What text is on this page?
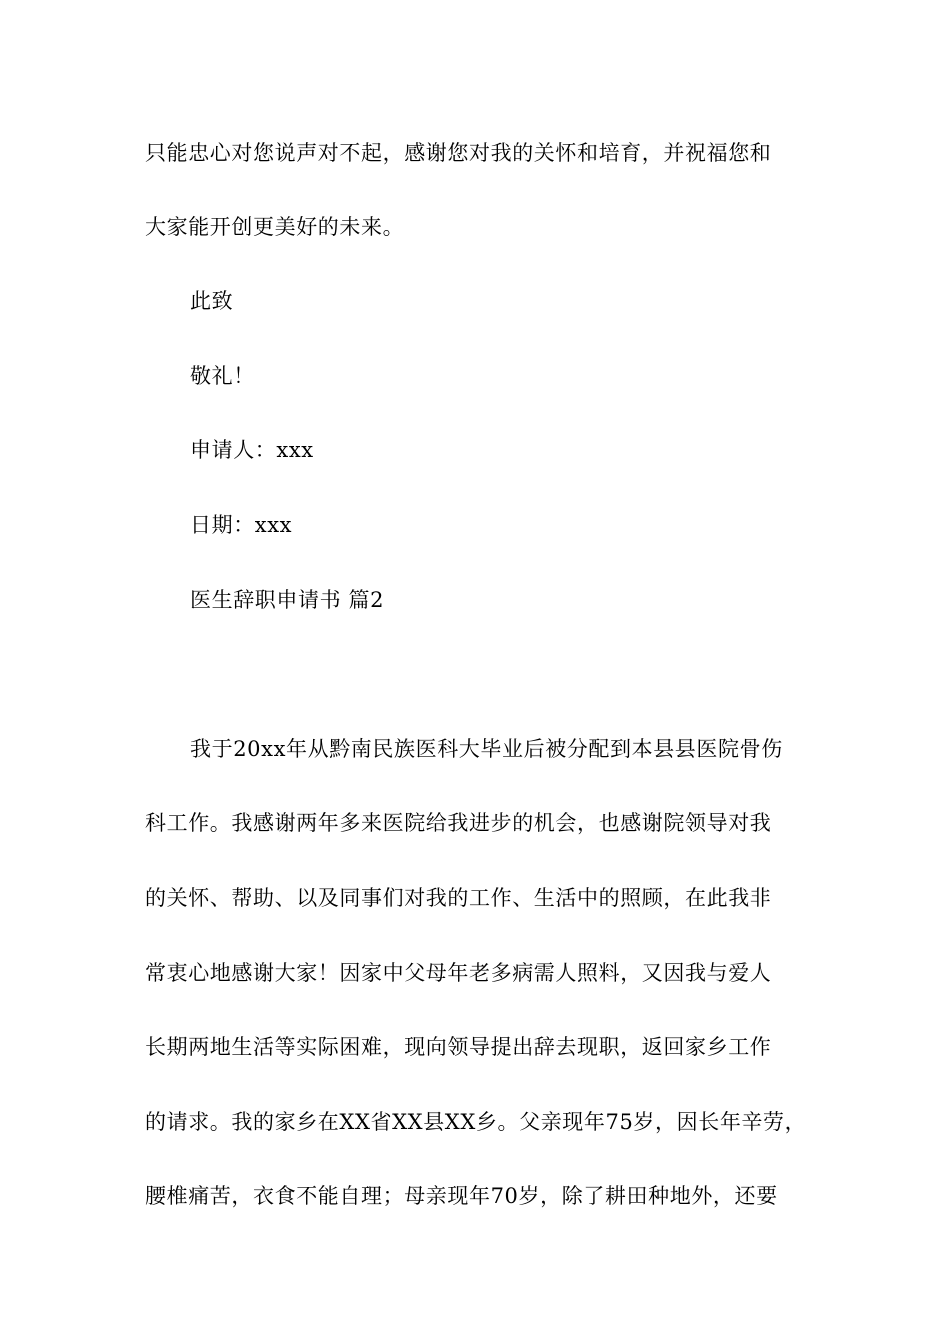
只能忠心对您说声对不起，感谢您对我的关怀和培育，并祝福您和
大家能开创更美好的未来。
此致
敬礼！
申请人：xxx
日期：xxx
医生辞职申请书 篇2
我于20xx年从黔南民族医科大毕业后被分配到本县县医院骨伤
科工作。我感谢两年多来医院给我进步的机会，也感谢院领导对我
的关怀、帮助、以及同事们对我的工作、生活中的照顾，在此我非
常衷心地感谢大家！因家中父母年老多病需人照料，又因我与爱人
长期两地生活等实际困难，现向领导提出辞去现职，返回家乡工作
的请求。我的家乡在XX省XX县XX乡。父亲现年75岁，因长年辛劳，
腰椎痛苦，衣食不能自理；母亲现年70岁，除了耕田种地外，还要
